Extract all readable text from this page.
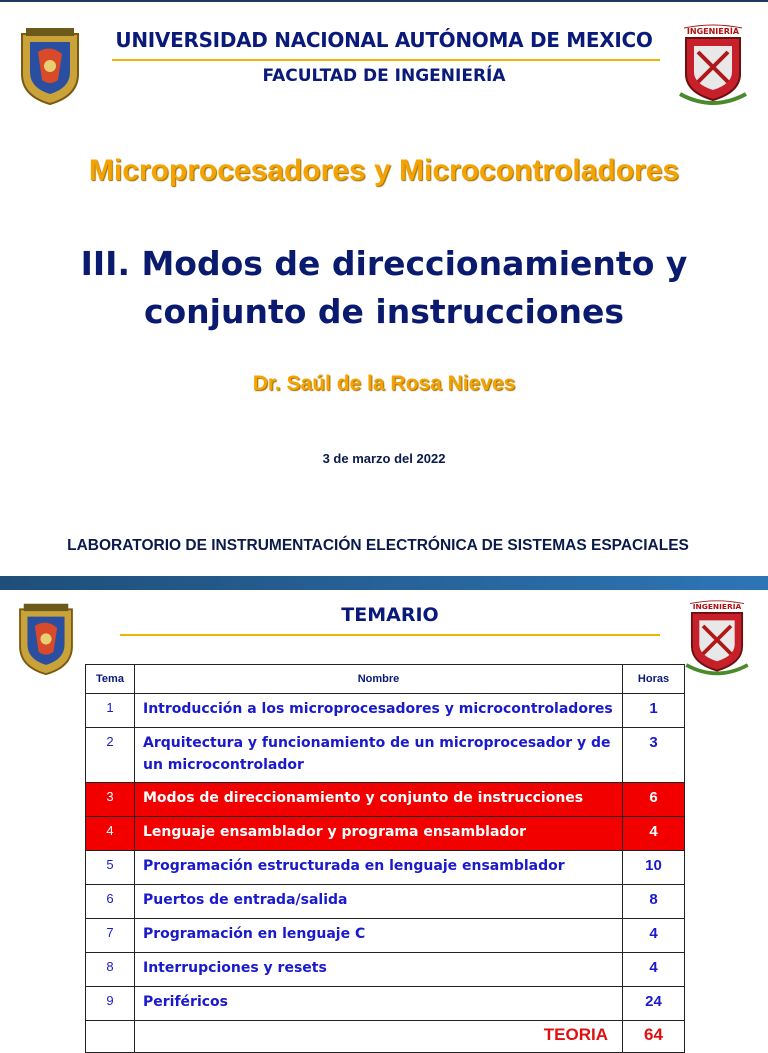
UNIVERSIDAD NACIONAL AUTÓNOMA DE MEXICO
FACULTAD DE INGENIERÍA
INGENIERÍA
Microprocesadores y Microcontroladores
III. Modos de direccionamiento y
conjunto de instrucciones
Dr. Saúl de la Rosa Nieves
3 de marzo del 2022
LABORATORIO DE INSTRUMENTACIÓN ELECTRÓNICA DE SISTEMAS ESPACIALES
TEMARIO	INGENIERÍA
Tema	Nombre	Horas
1	Introducción a los microprocesadores y microcontroladores	1
2	Arquitectura y funcionamiento de un microprocesador y de un microcontrolador	3
3	Modos de direccionamiento y conjunto de instrucciones	6
4	Lenguaje ensamblador y programa ensamblador	4
5	Programación estructurada en lenguaje ensamblador	10
6	Puertos de entrada/salida	8
7	Programación en lenguaje C	4
8	Interrupciones y resets	4
9	Periféricos	24
	TEORIA	64
